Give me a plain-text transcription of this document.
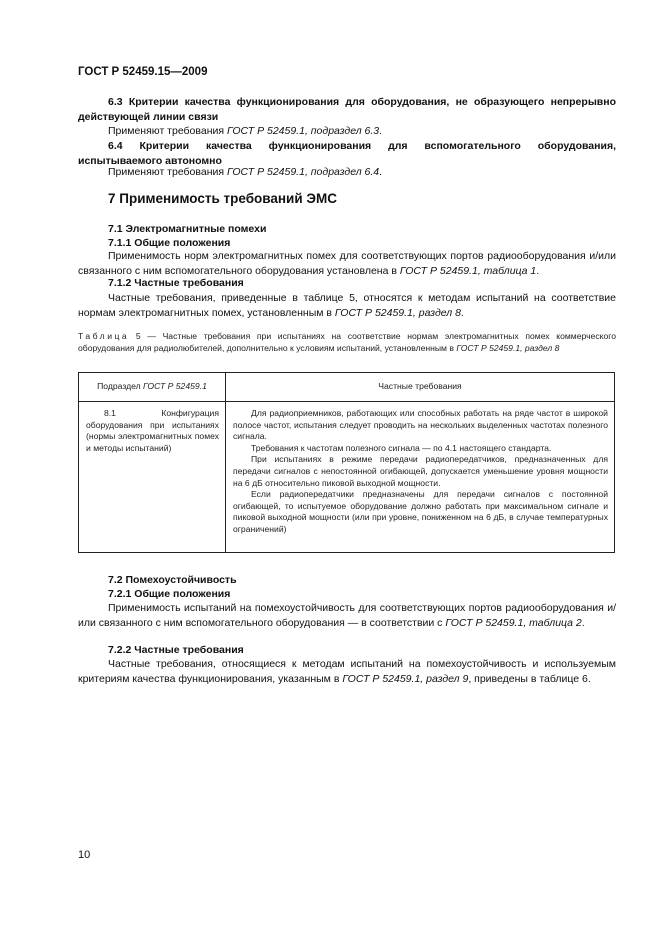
ГОСТ Р 52459.15—2009
6.3 Критерии качества функционирования для оборудования, не образующего непрерывно действующей линии связи
Применяют требования ГОСТ Р 52459.1, подраздел 6.3.
6.4 Критерии качества функционирования для вспомогательного оборудования, испытываемого автономно
Применяют требования ГОСТ Р 52459.1, подраздел 6.4.
7 Применимость требований ЭМС
7.1 Электромагнитные помехи
7.1.1 Общие положения
Применимость норм электромагнитных помех для соответствующих портов радиооборудования и/или связанного с ним вспомогательного оборудования установлена в ГОСТ Р 52459.1, таблица 1.
7.1.2 Частные требования
Частные требования, приведенные в таблице 5, относятся к методам испытаний на соответствие нормам электромагнитных помех, установленным в ГОСТ Р 52459.1, раздел 8.
Таблица 5 — Частные требования при испытаниях на соответствие нормам электромагнитных помех коммерческого оборудования для радиолюбителей, дополнительно к условиям испытаний, установленным в ГОСТ Р 52459.1, раздел 8
Подраздел ГОСТ Р 52459.1	Частные требования
8.1 Конфигурация оборудования при испытаниях (нормы электромагнитных помех и методы испытаний)	Для радиоприемников, работающих или способных работать на ряде частот в широкой полосе частот, испытания следует проводить на нескольких выделенных частотах полезного сигнала.
Требования к частотам полезного сигнала — по 4.1 настоящего стандарта.
При испытаниях в режиме передачи радиопередатчиков, предназначенных для передачи сигналов с непостоянной огибающей, допускается уменьшение уровня мощности на 6 дБ относительно пиковой выходной мощности.
Если радиопередатчики предназначены для передачи сигналов с постоянной огибающей, то испытуемое оборудование должно работать при максимальном сигнале и пиковой выходной мощности (или при уровне, пониженном на 6 дБ, в случае температурных ограничений)
7.2 Помехоустойчивость
7.2.1 Общие положения
Применимость испытаний на помехоустойчивость для соответствующих портов радиооборудования и/или связанного с ним вспомогательного оборудования — в соответствии с ГОСТ Р 52459.1, таблица 2.
7.2.2 Частные требования
Частные требования, относящиеся к методам испытаний на помехоустойчивость и используемым критериям качества функционирования, указанным в ГОСТ Р 52459.1, раздел 9, приведены в таблице 6.
10
